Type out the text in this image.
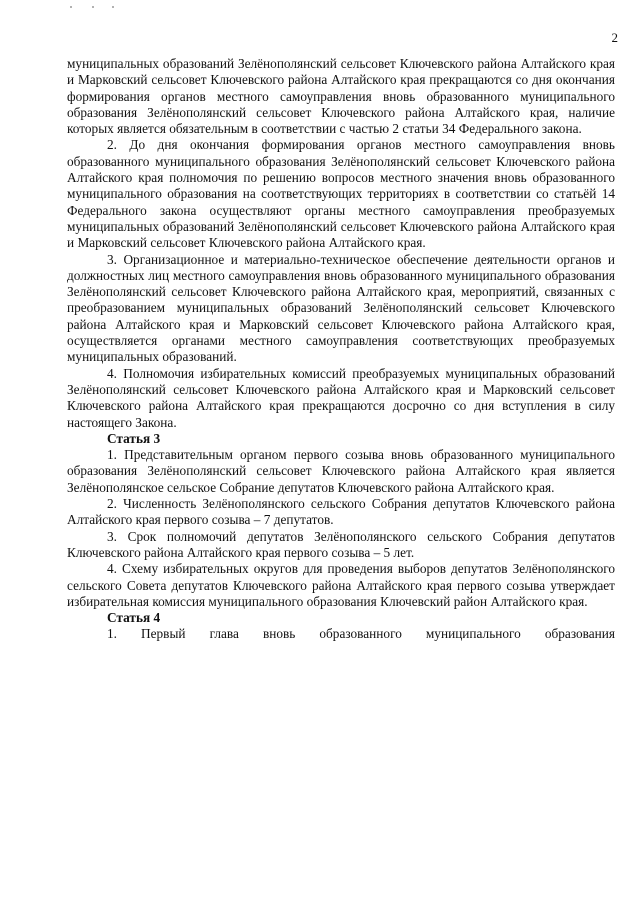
2

муниципальных образований Зелёнополянский сельсовет Ключевского района Алтайского края и Марковский сельсовет Ключевского района Алтайского края прекращаются со дня окончания формирования органов местного самоуправления вновь образованного муниципального образования Зелёнополянский сельсовет Ключевского района Алтайского края, наличие которых является обязательным в соответствии с частью 2 статьи 34 Федерального закона.

2. До дня окончания формирования органов местного самоуправления вновь образованного муниципального образования Зелёнополянский сельсовет Ключевского района Алтайского края полномочия по решению вопросов местного значения вновь образованного муниципального образования на соответствующих территориях в соответствии со статьёй 14 Федерального закона осуществляют органы местного самоуправления преобразуемых муниципальных образований Зелёнополянский сельсовет Ключевского района Алтайского края и Марковский сельсовет Ключевского района Алтайского края.

3. Организационное и материально-техническое обеспечение деятельности органов и должностных лиц местного самоуправления вновь образованного муниципального образования Зелёнополянский сельсовет Ключевского района Алтайского края, мероприятий, связанных с преобразованием муниципальных образований Зелёнополянский сельсовет Ключевского района Алтайского края и Марковский сельсовет Ключевского района Алтайского края, осуществляется органами местного самоуправления соответствующих преобразуемых муниципальных образований.

4. Полномочия избирательных комиссий преобразуемых муниципальных образований Зелёнополянский сельсовет Ключевского района Алтайского края и Марковский сельсовет Ключевского района Алтайского края прекращаются досрочно со дня вступления в силу настоящего Закона.

Статья 3

1. Представительным органом первого созыва вновь образованного муниципального образования Зелёнополянский сельсовет Ключевского района Алтайского края является Зелёнополянское сельское Собрание депутатов Ключевского района Алтайского края.

2. Численность Зелёнополянского сельского Собрания депутатов Ключевского района Алтайского края первого созыва – 7 депутатов.

3. Срок полномочий депутатов Зелёнополянского сельского Собрания депутатов Ключевского района Алтайского края первого созыва – 5 лет.

4. Схему избирательных округов для проведения выборов депутатов Зелёнополянского сельского Совета депутатов Ключевского района Алтайского края первого созыва утверждает избирательная комиссия муниципального образования Ключевский район Алтайского края.

Статья 4

1. Первый глава вновь образованного муниципального образования
